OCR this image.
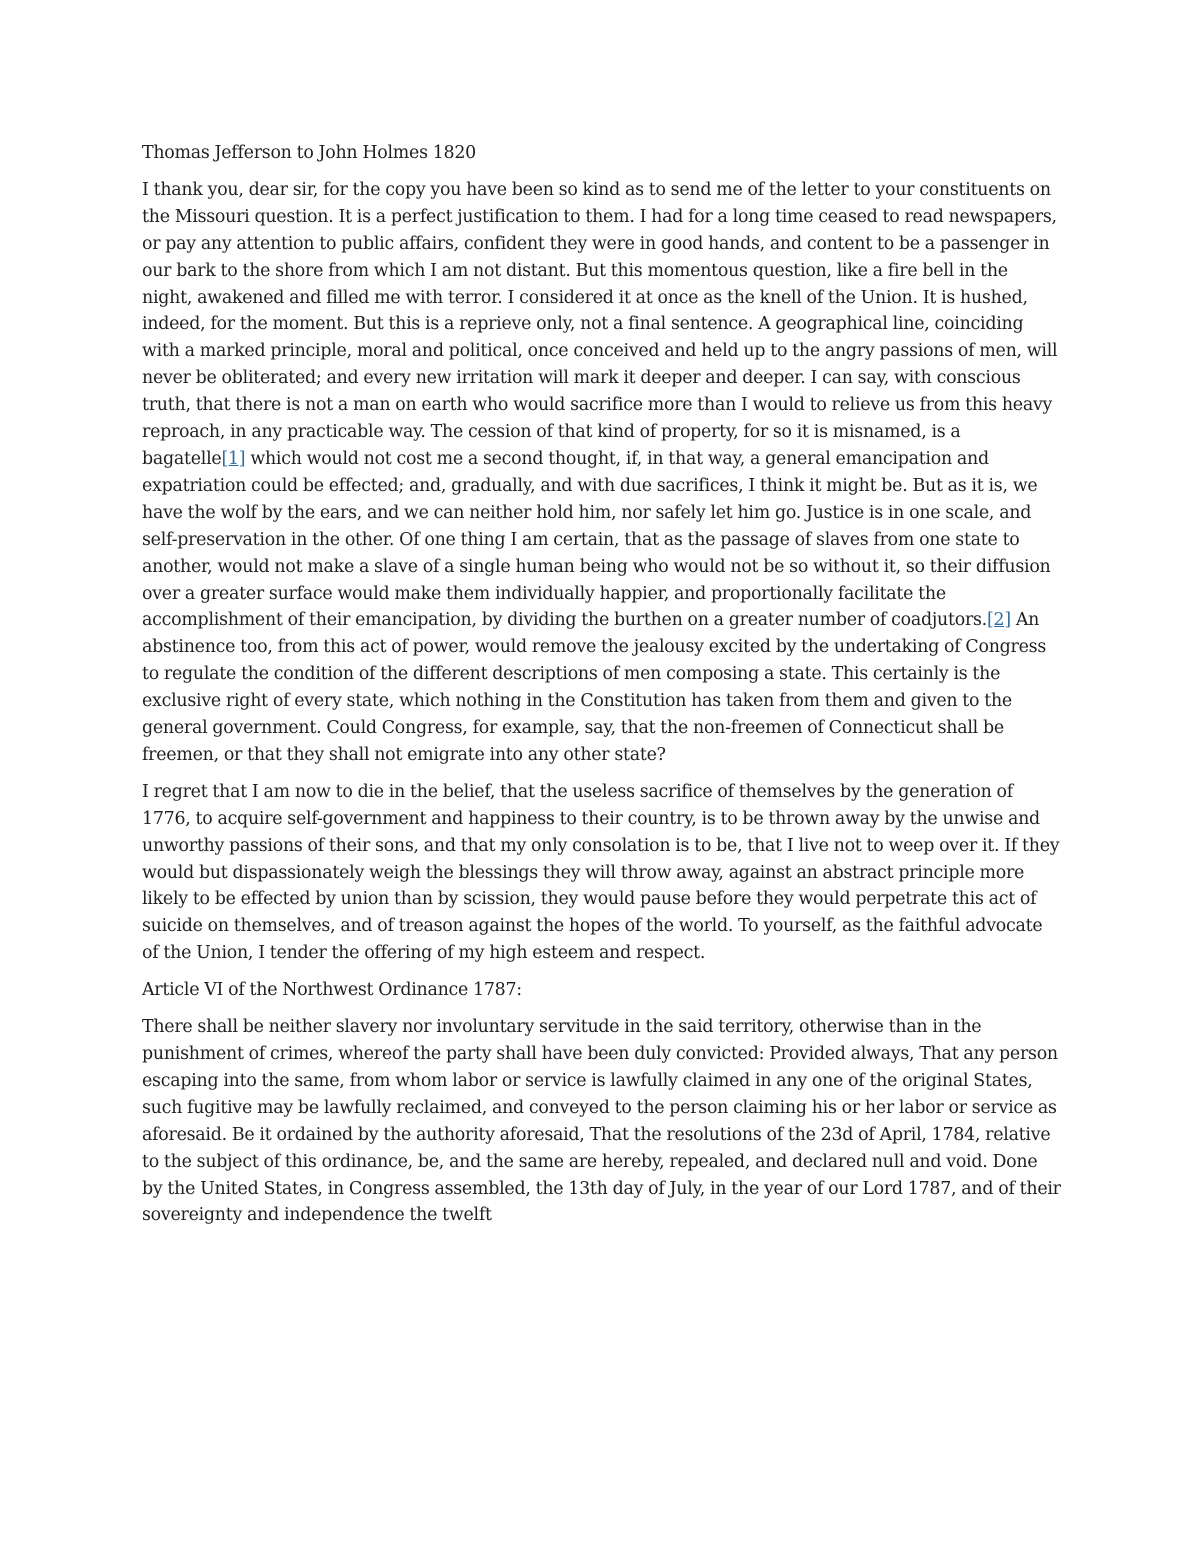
Thomas Jefferson to John Holmes 1820

I thank you, dear sir, for the copy you have been so kind as to send me of the letter to your constituents on the Missouri question. It is a perfect justification to them. I had for a long time ceased to read newspapers, or pay any attention to public affairs, confident they were in good hands, and content to be a passenger in our bark to the shore from which I am not distant. But this momentous question, like a fire bell in the night, awakened and filled me with terror. I considered it at once as the knell of the Union. It is hushed, indeed, for the moment. But this is a reprieve only, not a final sentence. A geographical line, coinciding with a marked principle, moral and political, once conceived and held up to the angry passions of men, will never be obliterated; and every new irritation will mark it deeper and deeper. I can say, with conscious truth, that there is not a man on earth who would sacrifice more than I would to relieve us from this heavy reproach, in any practicable way. The cession of that kind of property, for so it is misnamed, is a bagatelle[1] which would not cost me a second thought, if, in that way, a general emancipation and expatriation could be effected; and, gradually, and with due sacrifices, I think it might be. But as it is, we have the wolf by the ears, and we can neither hold him, nor safely let him go. Justice is in one scale, and self-preservation in the other. Of one thing I am certain, that as the passage of slaves from one state to another, would not make a slave of a single human being who would not be so without it, so their diffusion over a greater surface would make them individually happier, and proportionally facilitate the accomplishment of their emancipation, by dividing the burthen on a greater number of coadjutors.[2] An abstinence too, from this act of power, would remove the jealousy excited by the undertaking of Congress to regulate the condition of the different descriptions of men composing a state. This certainly is the exclusive right of every state, which nothing in the Constitution has taken from them and given to the general government. Could Congress, for example, say, that the non-freemen of Connecticut shall be freemen, or that they shall not emigrate into any other state?

I regret that I am now to die in the belief, that the useless sacrifice of themselves by the generation of 1776, to acquire self-government and happiness to their country, is to be thrown away by the unwise and unworthy passions of their sons, and that my only consolation is to be, that I live not to weep over it. If they would but dispassionately weigh the blessings they will throw away, against an abstract principle more likely to be effected by union than by scission, they would pause before they would perpetrate this act of suicide on themselves, and of treason against the hopes of the world. To yourself, as the faithful advocate of the Union, I tender the offering of my high esteem and respect.

Article VI of the Northwest Ordinance 1787:

There shall be neither slavery nor involuntary servitude in the said territory, otherwise than in the punishment of crimes, whereof the party shall have been duly convicted: Provided always, That any person escaping into the same, from whom labor or service is lawfully claimed in any one of the original States, such fugitive may be lawfully reclaimed, and conveyed to the person claiming his or her labor or service as aforesaid. Be it ordained by the authority aforesaid, That the resolutions of the 23d of April, 1784, relative to the subject of this ordinance, be, and the same are hereby, repealed, and declared null and void. Done by the United States, in Congress assembled, the 13th day of July, in the year of our Lord 1787, and of their sovereignty and independence the twelft
